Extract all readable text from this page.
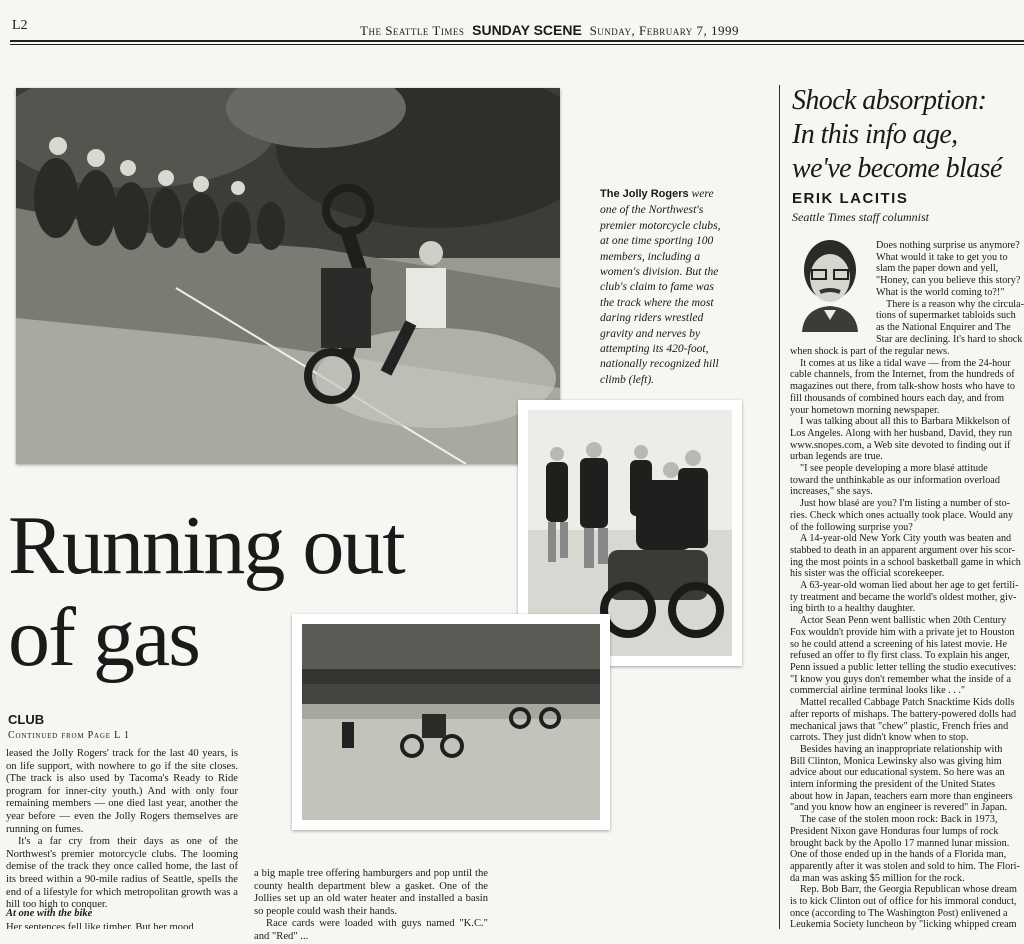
L2	The Seattle Times SUNDAY SCENE Sunday, February 7, 1999
The Jolly Rogers were one of the Northwest's premier motorcycle clubs, at one time sporting 100 members, including a women's division. But the club's claim to fame was the track where the most daring riders wrestled gravity and nerves by attempting its 420-foot, nationally recognized hill climb (left).
Running out
of gas
CLUB
Continued from Page L 1

leased the Jolly Rogers' track for the last 40 years, is on life support, with nowhere to go if the site closes. (The track is also used by Tacoma's Ready to Ride program for inner-city youth.) And with only four remaining members — one died last year, another the year before — even the Jolly Rogers themselves are running on fumes.

It's a far cry from their days as one of the Northwest's premier motorcycle clubs. The looming demise of the track they once called home, the last of its breed within a 90-mile radius of Seattle, spells the end of a lifestyle for which metropolitan growth was a hill too high to conquer.

At one with the bike
Her sentences fell like timber. But her mood

a big maple tree offering hamburgers and pop until the county health department blew a gasket. One of the Jollies set up an old water heater and installed a basin so people could wash their hands.

Race cards were loaded with guys named "K.C." and "Red" ...

Shock absorption:
In this info age,
we've become blasé
ERIK LACITIS
Seattle Times staff columnist

Does nothing surprise us anymore?

What would it take to get you to

slam the paper down and yell,

"Honey, can you believe this story?

What is the world coming to?!"

There is a reason why the circula-

tions of supermarket tabloids such

as the National Enquirer and The

Star are declining. It's hard to shock

when shock is part of the regular news.

It comes at us like a tidal wave — from the 24-hour

cable channels, from the Internet, from the hundreds of

magazines out there, from talk-show hosts who have to

fill thousands of combined hours each day, and from

your hometown morning newspaper.

I was talking about all this to Barbara Mikkelson of

Los Angeles. Along with her husband, David, they run

www.snopes.com, a Web site devoted to finding out if

urban legends are true.

"I see people developing a more blasé attitude

toward the unthinkable as our information overload

increases," she says.

Just how blasé are you? I'm listing a number of sto-

ries. Check which ones actually took place. Would any

of the following surprise you?

A 14-year-old New York City youth was beaten and

stabbed to death in an apparent argument over his scor-

ing the most points in a school basketball game in which

his sister was the official scorekeeper.

A 63-year-old woman lied about her age to get fertili-

ty treatment and became the world's oldest mother, giv-

ing birth to a healthy daughter.

Actor Sean Penn went ballistic when 20th Century

Fox wouldn't provide him with a private jet to Houston

so he could attend a screening of his latest movie. He

refused an offer to fly first class. To explain his anger,

Penn issued a public letter telling the studio executives:

"I know you guys don't remember what the inside of a

commercial airline terminal looks like . . ."

Mattel recalled Cabbage Patch Snacktime Kids dolls

after reports of mishaps. The battery-powered dolls had

mechanical jaws that "chew" plastic, French fries and

carrots. They just didn't know when to stop.

Besides having an inappropriate relationship with

Bill Clinton, Monica Lewinsky also was giving him

advice about our educational system. So here was an

intern informing the president of the United States

about how in Japan, teachers earn more than engineers

"and you know how an engineer is revered" in Japan.

The case of the stolen moon rock: Back in 1973,

President Nixon gave Honduras four lumps of rock

brought back by the Apollo 17 manned lunar mission.

One of those ended up in the hands of a Florida man,

apparently after it was stolen and sold to him. The Flori-

da man was asking $5 million for the rock.

Rep. Bob Barr, the Georgia Republican whose dream

is to kick Clinton out of office for his immoral conduct,

once (according to The Washington Post) enlivened a

Leukemia Society luncheon by "licking whipped cream
